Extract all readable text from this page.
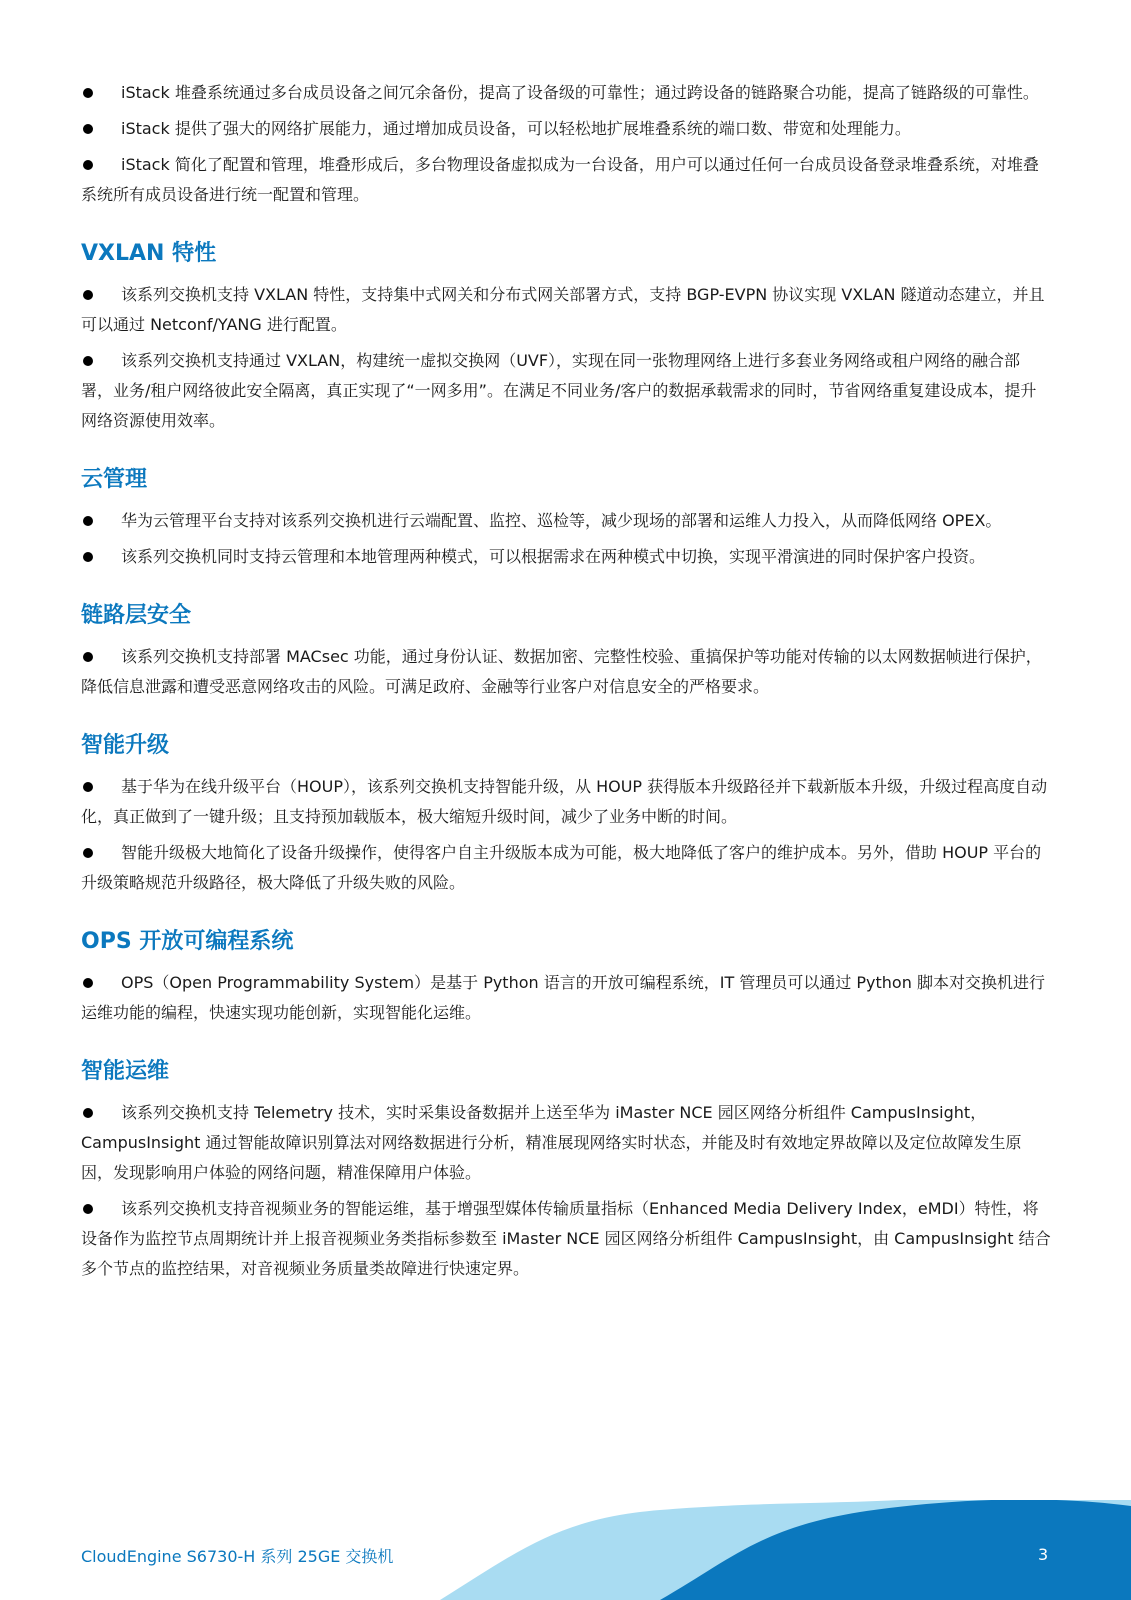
iStack 堆叠系统通过多台成员设备之间冗余备份，提高了设备级的可靠性；通过跨设备的链路聚合功能，提高了链路级的可靠性。

iStack 提供了强大的网络扩展能力，通过增加成员设备，可以轻松地扩展堆叠系统的端口数、带宽和处理能力。

iStack 简化了配置和管理，堆叠形成后，多台物理设备虚拟成为一台设备，用户可以通过任何一台成员设备登录堆叠系统，对堆叠系统所有成员设备进行统一配置和管理。

VXLAN 特性

该系列交换机支持 VXLAN 特性，支持集中式网关和分布式网关部署方式，支持 BGP-EVPN 协议实现 VXLAN 隧道动态建立，并且可以通过 Netconf/YANG 进行配置。

该系列交换机支持通过 VXLAN，构建统一虚拟交换网（UVF），实现在同一张物理网络上进行多套业务网络或租户网络的融合部署，业务/租户网络彼此安全隔离，真正实现了“一网多用”。在满足不同业务/客户的数据承载需求的同时，节省网络重复建设成本，提升网络资源使用效率。

云管理

华为云管理平台支持对该系列交换机进行云端配置、监控、巡检等，减少现场的部署和运维人力投入，从而降低网络 OPEX。

该系列交换机同时支持云管理和本地管理两种模式，可以根据需求在两种模式中切换，实现平滑演进的同时保护客户投资。

链路层安全

该系列交换机支持部署 MACsec 功能，通过身份认证、数据加密、完整性校验、重搞保护等功能对传输的以太网数据帧进行保护，降低信息泄露和遭受恶意网络攻击的风险。可满足政府、金融等行业客户对信息安全的严格要求。

智能升级

基于华为在线升级平台（HOUP），该系列交换机支持智能升级，从 HOUP 获得版本升级路径并下载新版本升级，升级过程高度自动化，真正做到了一键升级；且支持预加载版本，极大缩短升级时间，减少了业务中断的时间。

智能升级极大地简化了设备升级操作，使得客户自主升级版本成为可能，极大地降低了客户的维护成本。另外，借助 HOUP 平台的升级策略规范升级路径，极大降低了升级失败的风险。

OPS 开放可编程系统

OPS（Open Programmability System）是基于 Python 语言的开放可编程系统，IT 管理员可以通过 Python 脚本对交换机进行运维功能的编程，快速实现功能创新，实现智能化运维。

智能运维

该系列交换机支持 Telemetry 技术，实时采集设备数据并上送至华为 iMaster NCE 园区网络分析组件 CampusInsight，CampusInsight 通过智能故障识别算法对网络数据进行分析，精准展现网络实时状态，并能及时有效地定界故障以及定位故障发生原因，发现影响用户体验的网络问题，精准保障用户体验。

该系列交换机支持音视频业务的智能运维，基于增强型媒体传输质量指标（Enhanced Media Delivery Index，eMDI）特性，将设备作为监控节点周期统计并上报音视频业务类指标参数至 iMaster NCE 园区网络分析组件 CampusInsight，由 CampusInsight 结合多个节点的监控结果，对音视频业务质量类故障进行快速定界。

CloudEngine S6730-H 系列 25GE 交换机	3
